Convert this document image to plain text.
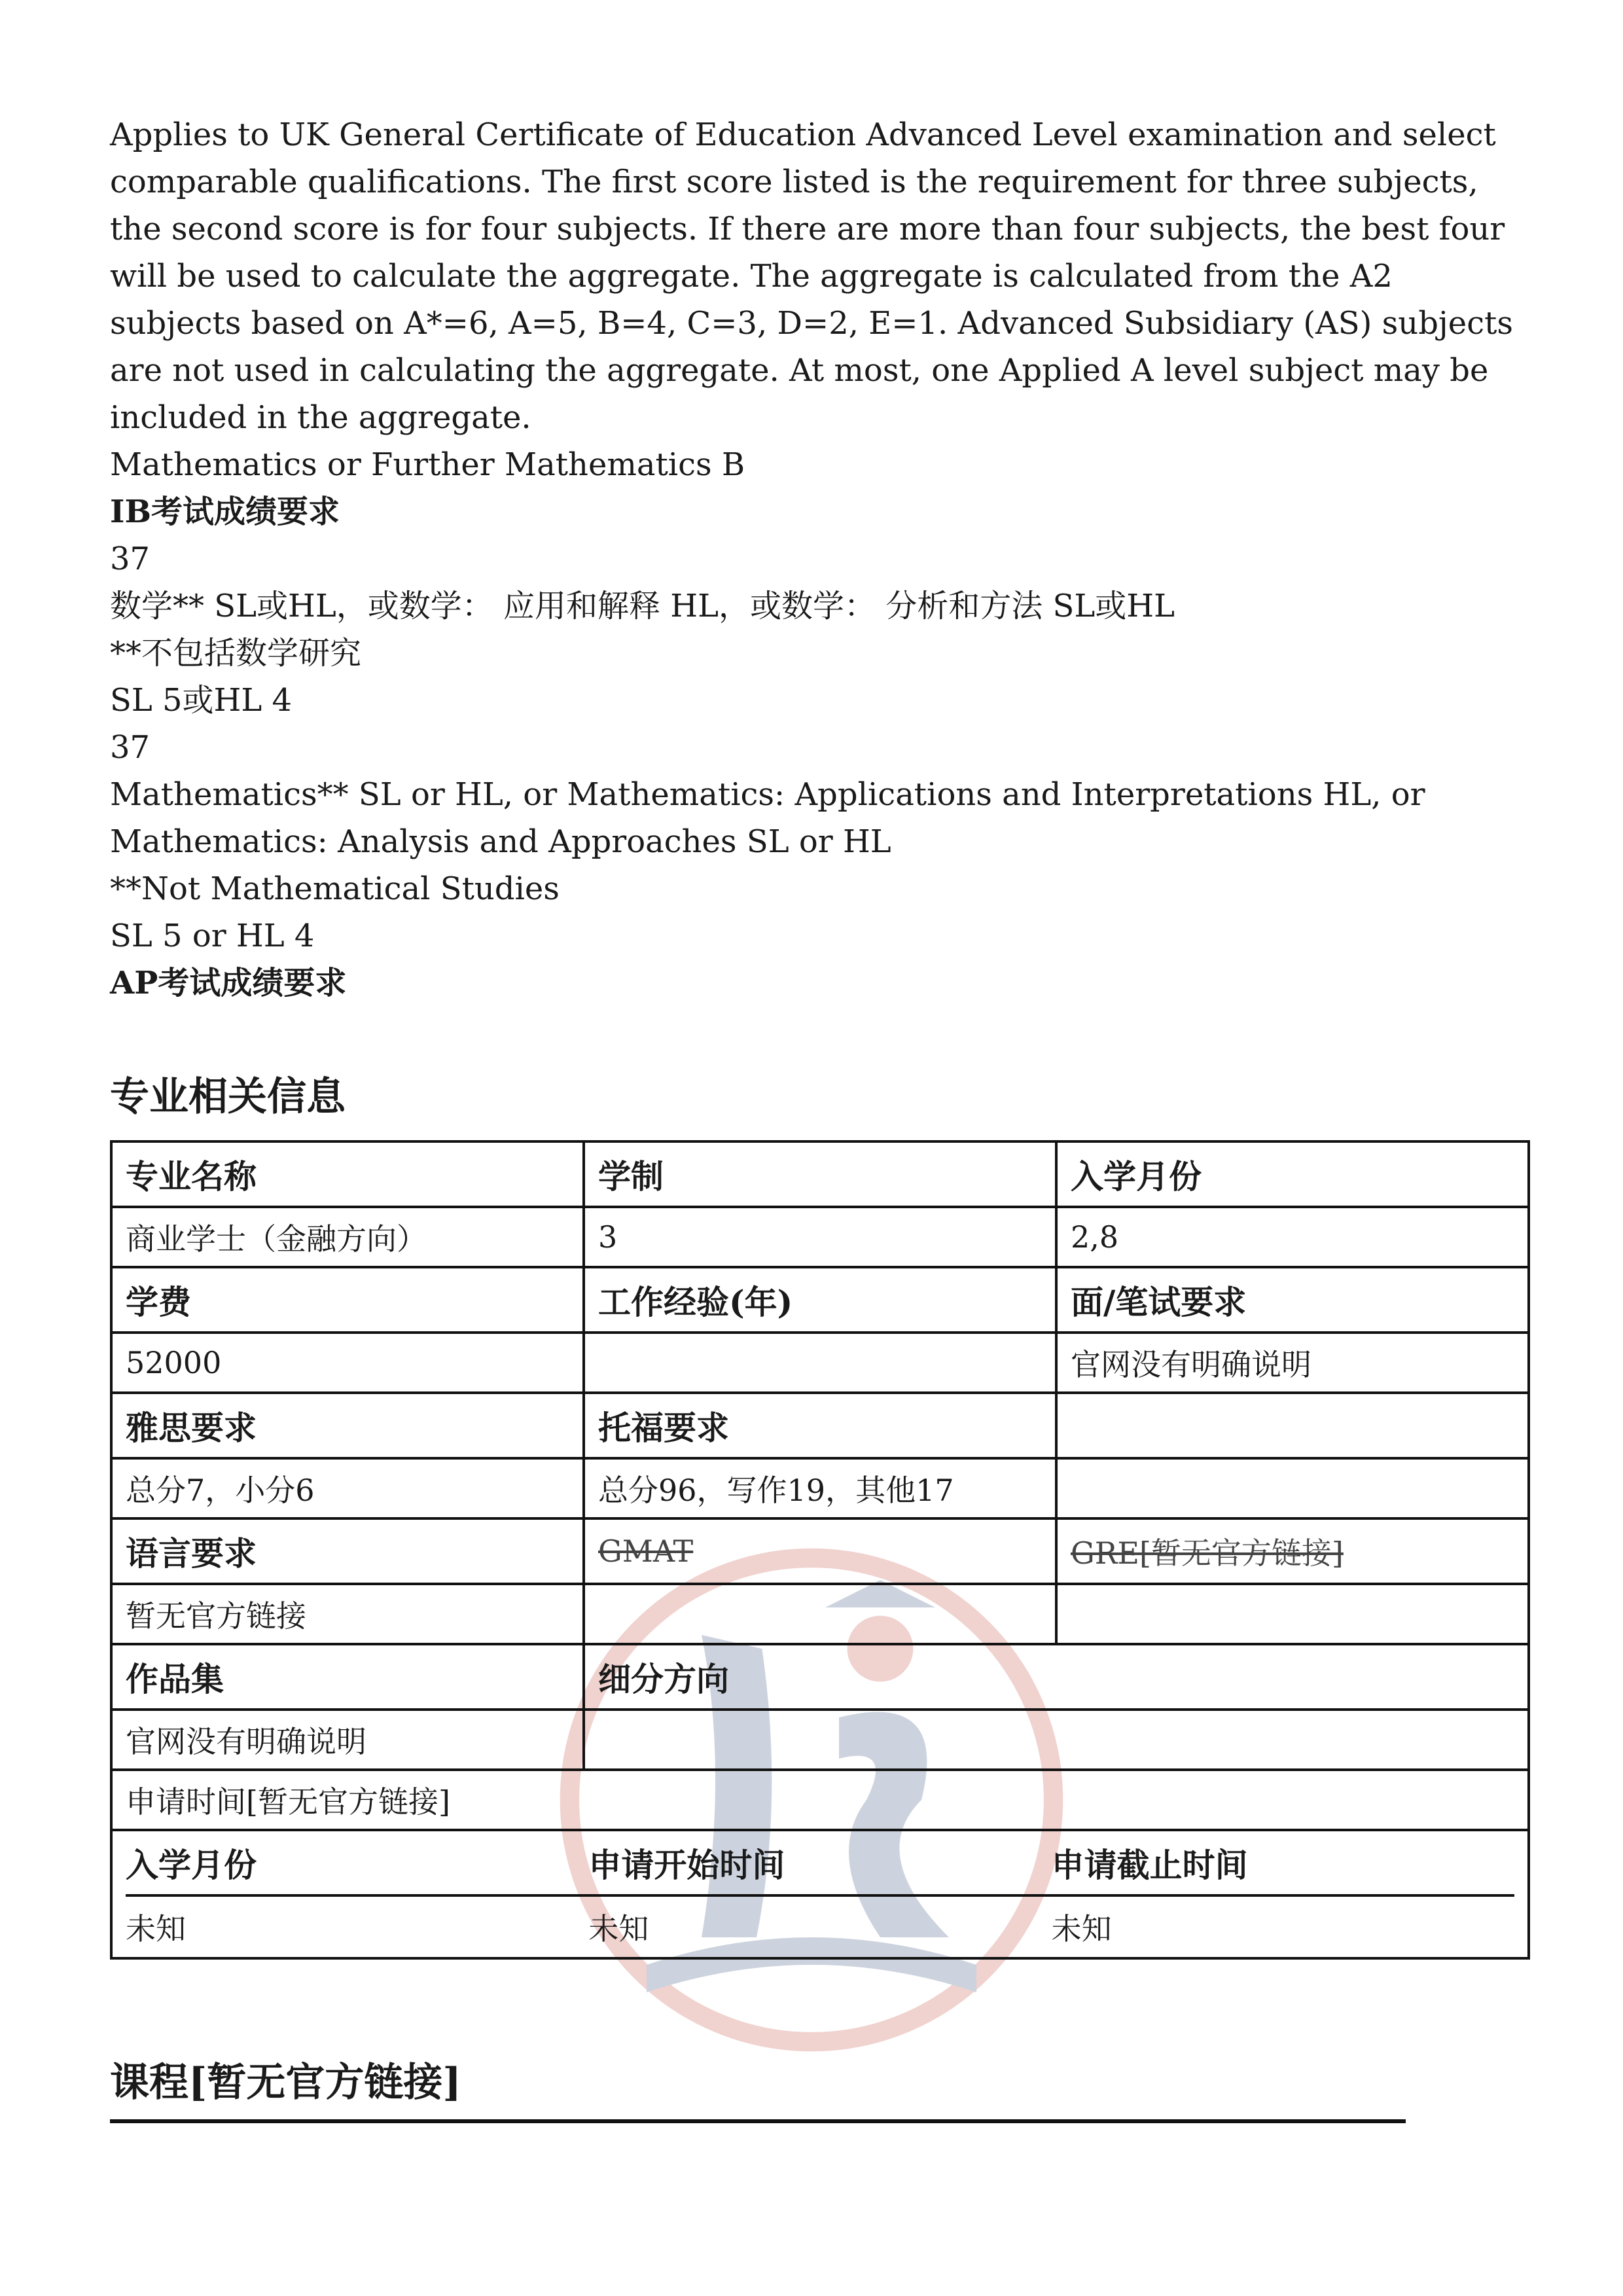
Applies to UK General Certificate of Education Advanced Level examination and select comparable qualifications. The first score listed is the requirement for three subjects, the second score is for four subjects. If there are more than four subjects, the best four will be used to calculate the aggregate. The aggregate is calculated from the A2 subjects based on A*=6, A=5, B=4, C=3, D=2, E=1. Advanced Subsidiary (AS) subjects are not used in calculating the aggregate. At most, one Applied A level subject may be included in the aggregate.

Mathematics or Further Mathematics B
IB考试成绩要求
37
数学** SL或HL，或数学： 应用和解释 HL，或数学： 分析和方法 SL或HL
**不包括数学研究
SL 5或HL 4
37
Mathematics** SL or HL, or Mathematics: Applications and Interpretations HL, or Mathematics: Analysis and Approaches SL or HL
**Not Mathematical Studies
SL 5 or HL 4
AP考试成绩要求
专业相关信息
专业名称	学制	入学月份
商业学士（金融方向）	3	2,8
学费	工作经验(年)	面/笔试要求
52000		官网没有明确说明
雅思要求	托福要求	
总分7，小分6	总分96，写作19，其他17	
语言要求	GMAT	GRE[暂无官方链接]
暂无官方链接		
作品集	细分方向
官网没有明确说明	
申请时间[暂无官方链接]

入学月份	申请开始时间	申请截止时间
未知	未知	未知
课程[暂无官方链接]
